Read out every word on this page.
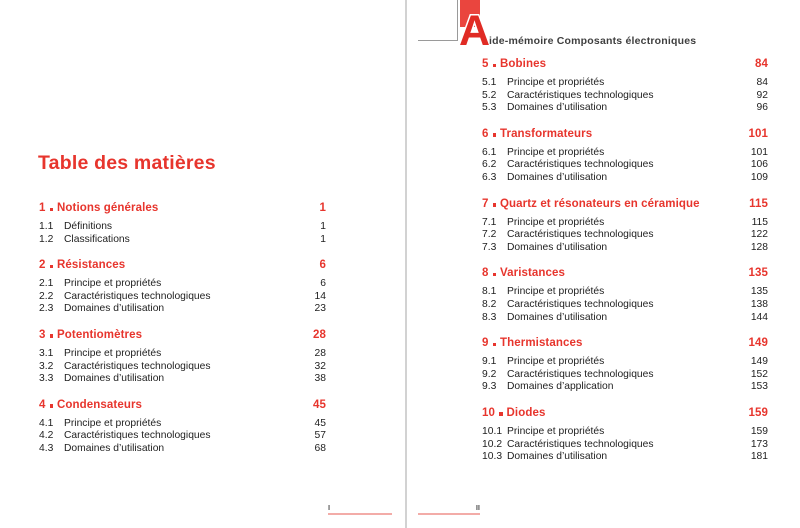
A
ide-mémoire Composants électroniques
Table des matières
1 Notions générales	1
1.1	Définitions	1
1.2	Classifications	1
2 Résistances	6
2.1	Principe et propriétés	6
2.2	Caractéristiques technologiques	14
2.3	Domaines d’utilisation	23
3 Potentiomètres	28
3.1	Principe et propriétés	28
3.2	Caractéristiques technologiques	32
3.3	Domaines d’utilisation	38
4 Condensateurs	45
4.1	Principe et propriétés	45
4.2	Caractéristiques technologiques	57
4.3	Domaines d’utilisation	68
5 Bobines	84
5.1	Principe et propriétés	84
5.2	Caractéristiques technologiques	92
5.3	Domaines d’utilisation	96
6 Transformateurs	101
6.1	Principe et propriétés	101
6.2	Caractéristiques technologiques	106
6.3	Domaines d’utilisation	109
7 Quartz et résonateurs en céramique	115
7.1	Principe et propriétés	115
7.2	Caractéristiques technologiques	122
7.3	Domaines d’utilisation	128
8 Varistances	135
8.1	Principe et propriétés	135
8.2	Caractéristiques technologiques	138
8.3	Domaines d’utilisation	144
9 Thermistances	149
9.1	Principe et propriétés	149
9.2	Caractéristiques technologiques	152
9.3	Domaines d’application	153
10 Diodes	159
10.1 Principe et propriétés	159
10.2 Caractéristiques technologiques	173
10.3 Domaines d’utilisation	181
I	II
